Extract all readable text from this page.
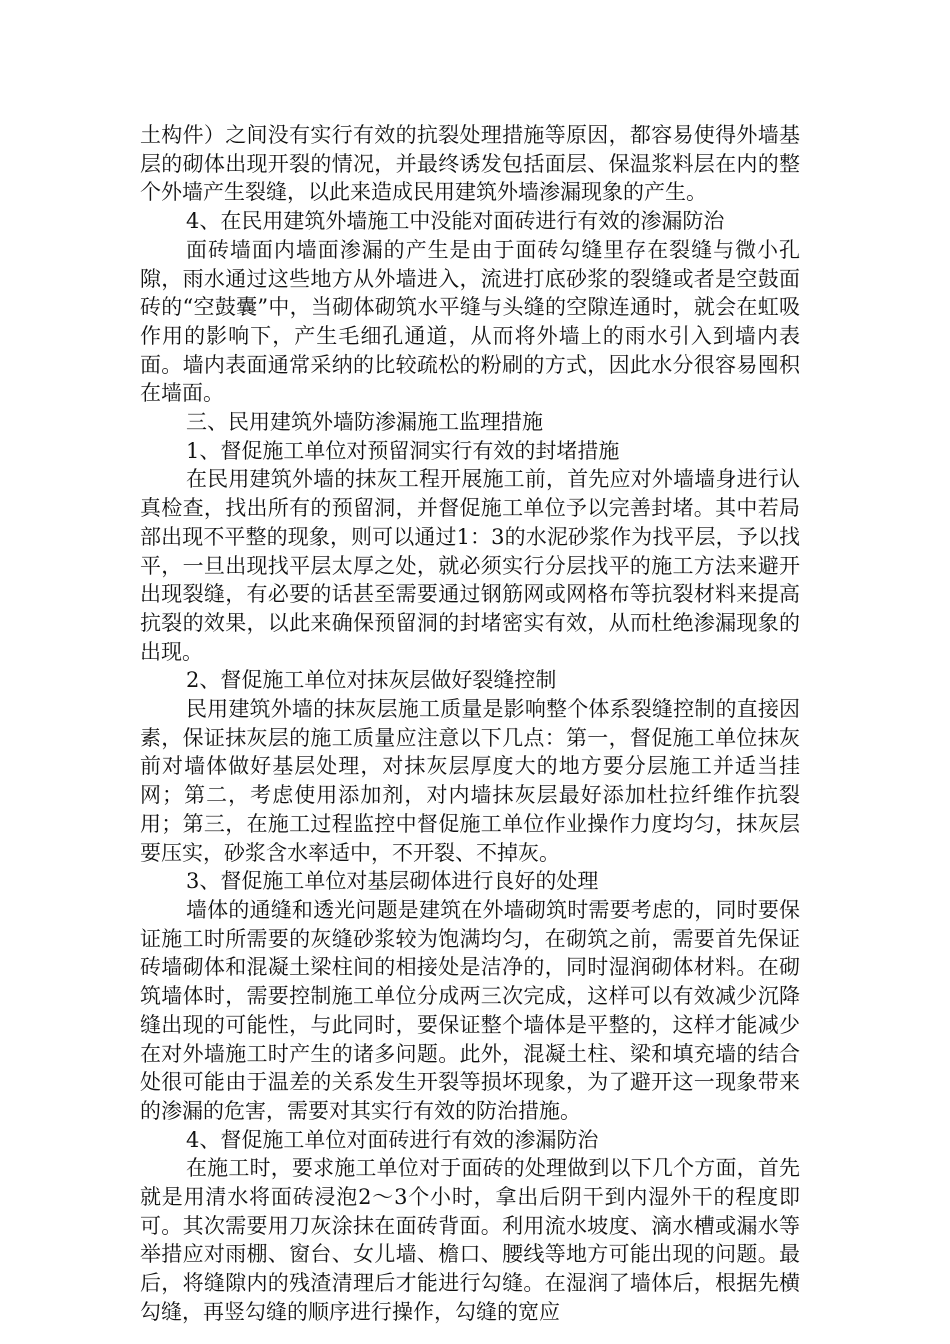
土构件）之间没有实行有效的抗裂处理措施等原因，都容易使得外墙基层的砌体出现开裂的情况，并最终诱发包括面层、保温浆料层在内的整个外墙产生裂缝，以此来造成民用建筑外墙渗漏现象的产生。

4、在民用建筑外墙施工中没能对面砖进行有效的渗漏防治

面砖墙面内墙面渗漏的产生是由于面砖勾缝里存在裂缝与微小孔隙，雨水通过这些地方从外墙进入，流进打底砂浆的裂缝或者是空鼓面砖的“空鼓囊”中，当砌体砌筑水平缝与头缝的空隙连通时，就会在虹吸作用的影响下，产生毛细孔通道，从而将外墙上的雨水引入到墙内表面。墙内表面通常采纳的比较疏松的粉刷的方式，因此水分很容易囤积在墙面。

三、民用建筑外墙防渗漏施工监理措施

1、督促施工单位对预留洞实行有效的封堵措施

在民用建筑外墙的抹灰工程开展施工前，首先应对外墙墙身进行认真检查，找出所有的预留洞，并督促施工单位予以完善封堵。其中若局部出现不平整的现象，则可以通过1：3的水泥砂浆作为找平层，予以找平，一旦出现找平层太厚之处，就必须实行分层找平的施工方法来避开出现裂缝，有必要的话甚至需要通过钢筋网或网格布等抗裂材料来提高抗裂的效果，以此来确保预留洞的封堵密实有效，从而杜绝渗漏现象的出现。

2、督促施工单位对抹灰层做好裂缝控制

民用建筑外墙的抹灰层施工质量是影响整个体系裂缝控制的直接因素，保证抹灰层的施工质量应注意以下几点：第一，督促施工单位抹灰前对墙体做好基层处理，对抹灰层厚度大的地方要分层施工并适当挂网；第二，考虑使用添加剂，对内墙抹灰层最好添加杜拉纤维作抗裂用；第三，在施工过程监控中督促施工单位作业操作力度均匀，抹灰层要压实，砂浆含水率适中，不开裂、不掉灰。

3、督促施工单位对基层砌体进行良好的处理

墙体的通缝和透光问题是建筑在外墙砌筑时需要考虑的，同时要保证施工时所需要的灰缝砂浆较为饱满均匀，在砌筑之前，需要首先保证砖墙砌体和混凝土梁柱间的相接处是洁净的，同时湿润砌体材料。在砌筑墙体时，需要控制施工单位分成两三次完成，这样可以有效减少沉降缝出现的可能性，与此同时，要保证整个墙体是平整的，这样才能减少在对外墙施工时产生的诸多问题。此外，混凝土柱、梁和填充墙的结合处很可能由于温差的关系发生开裂等损坏现象，为了避开这一现象带来的渗漏的危害，需要对其实行有效的防治措施。

4、督促施工单位对面砖进行有效的渗漏防治

在施工时，要求施工单位对于面砖的处理做到以下几个方面，首先就是用清水将面砖浸泡2～3个小时，拿出后阴干到内湿外干的程度即可。其次需要用刀灰涂抹在面砖背面。利用流水坡度、滴水槽或漏水等举措应对雨棚、窗台、女儿墙、檐口、腰线等地方可能出现的问题。最后，将缝隙内的残渣清理后才能进行勾缝。在湿润了墙体后，根据先横勾缝，再竖勾缝的顺序进行操作，勾缝的宽应
